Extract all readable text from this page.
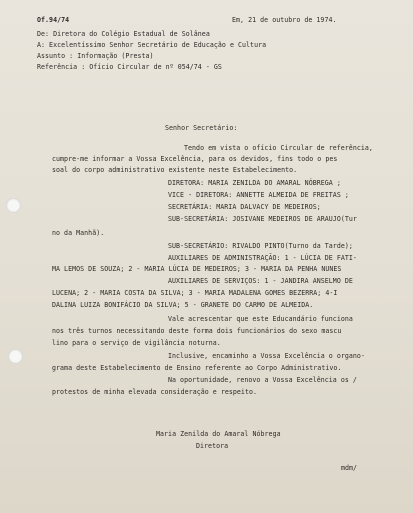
Of.94/74	Em, 21 de outubro de 1974.
De: Diretora do Colégio Estadual de Solânea
A: Excelentíssimo Senhor Secretário de Educação e Cultura
Assunto : Informação (Presta)
Referência : Ofício Circular de nº 054/74 - GS
Senhor Secretário:
Tendo em vista o ofício Circular de referência,
cumpre-me informar a Vossa Excelência, para os devidos, fins todo o pes
soal do corpo administrativo existente neste Estabelecimento.
DIRETORA: MARIA ZENILDA DO AMARAL NÓBREGA ;
VICE - DIRETORA: ANNETTE ALMEIDA DE FREITAS ;
SECRETÁRIA: MARIA DALVACY DE MEDEIROS;
SUB-SECRETÁRIA: JOSIVANE MEDEIROS DE ARAUJO(Tur
no da Manhã).
SUB-SECRETÁRIO: RIVALDO PINTO(Turno da Tarde);
AUXILIARES DE ADMINISTRAÇÃO: 1 - LÚCIA DE FATI-
MA LEMOS DE SOUZA; 2 - MARIA LÚCIA DE MEDEIROS; 3 - MARIA DA PENHA NUNES
AUXILIARES DE SERVIÇOS: 1 - JANDIRA ANSELMO DE
LUCENA; 2 - MARIA COSTA DA SILVA; 3 - MARIA MADALENA GOMES BEZERRA; 4-I
DALINA LUIZA BONIFÁCIO DA SILVA; 5 - GRANETE DO CARMO DE ALMEIDA.
Vale acrescentar que este Educandário funciona
nos três turnos necessitando deste forma dois funcionários do sexo mascu
lino para o serviço de vigilância noturna.
Inclusive, encaminho a Vossa Excelência o organo-
grama deste Estabelecimento de Ensino referente ao Corpo Administrativo.
Na oportunidade, renovo a Vossa Excelência os /
protestos de minha elevada consideração e respeito.
Maria Zenilda do Amaral Nóbrega
Diretora
mdm/
